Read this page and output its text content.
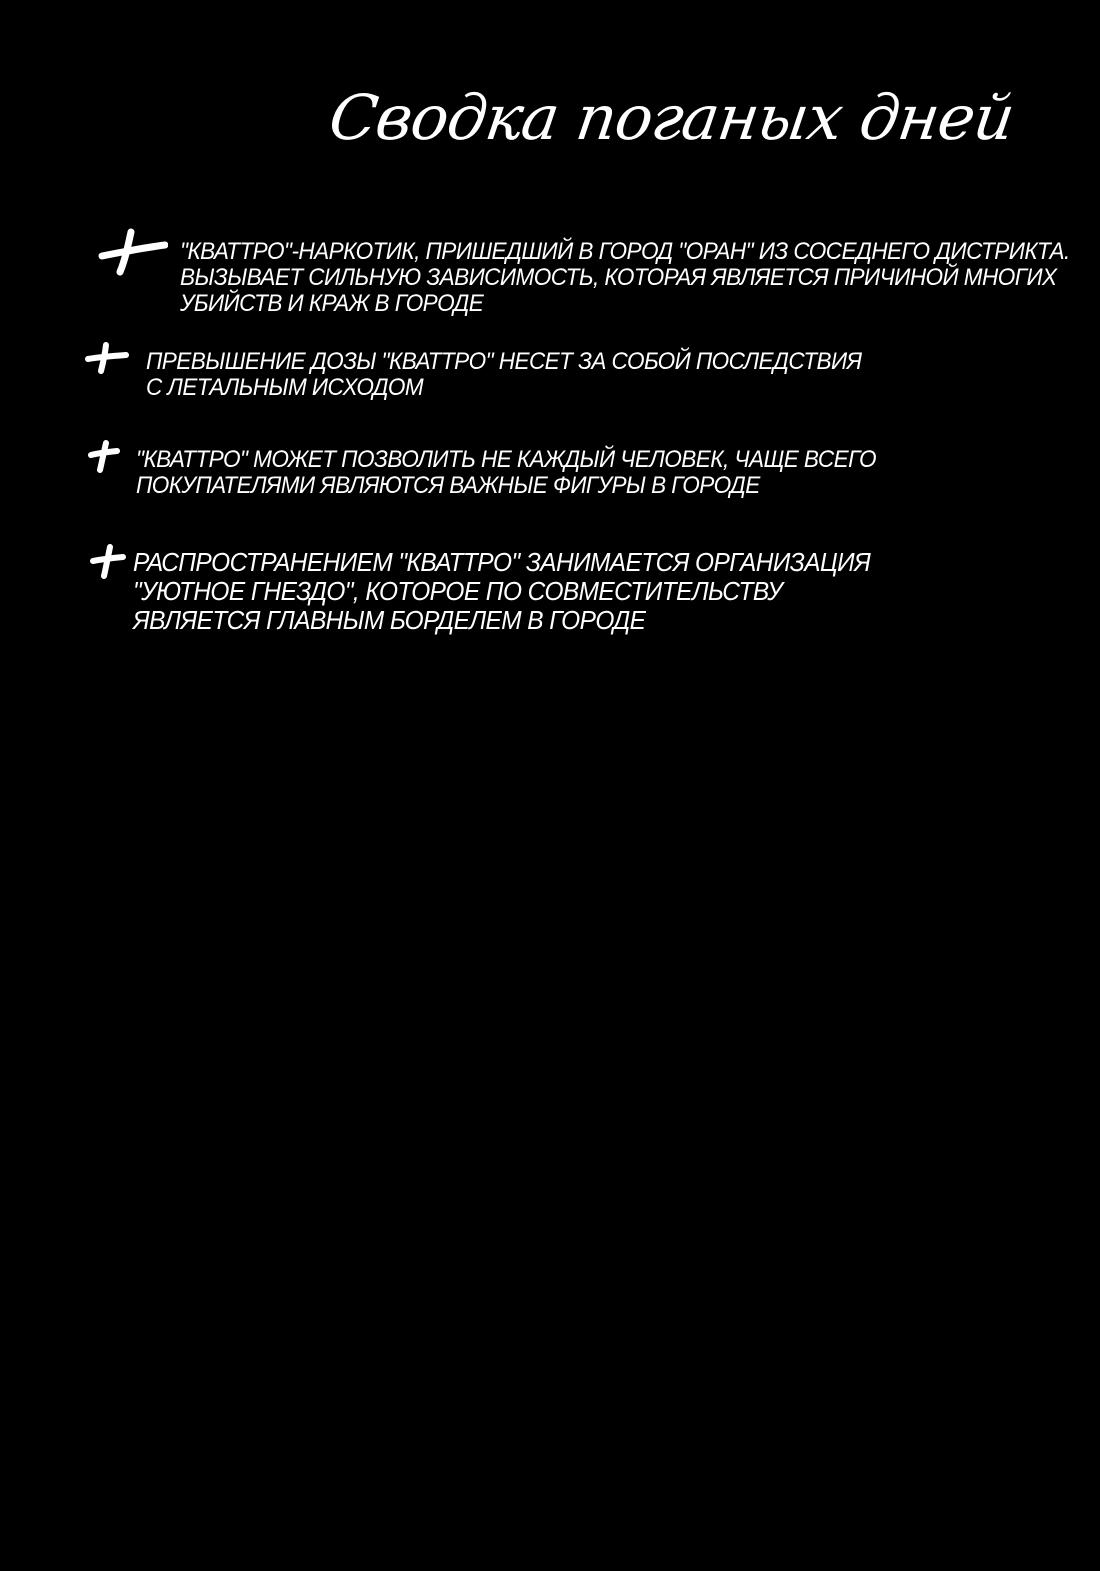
Сводка поганых дней
"КВАТТРО"-НАРКОТИК, ПРИШЕДШИЙ В ГОРОД "ОРАН" ИЗ СОСЕДНЕГО ДИСТРИКТА.
ВЫЗЫВАЕТ СИЛЬНУЮ ЗАВИСИМОСТЬ, КОТОРАЯ ЯВЛЯЕТСЯ ПРИЧИНОЙ МНОГИХ
УБИЙСТВ И КРАЖ В ГОРОДЕ
ПРЕВЫШЕНИЕ ДОЗЫ "КВАТТРО" НЕСЕТ ЗА СОБОЙ ПОСЛЕДСТВИЯ
С ЛЕТАЛЬНЫМ ИСХОДОМ
"КВАТТРО" МОЖЕТ ПОЗВОЛИТЬ НЕ КАЖДЫЙ ЧЕЛОВЕК, ЧАЩЕ ВСЕГО
ПОКУПАТЕЛЯМИ ЯВЛЯЮТСЯ ВАЖНЫЕ ФИГУРЫ В ГОРОДЕ
РАСПРОСТРАНЕНИЕМ "КВАТТРО" ЗАНИМАЕТСЯ ОРГАНИЗАЦИЯ
"УЮТНОЕ ГНЕЗДО", КОТОРОЕ ПО СОВМЕСТИТЕЛЬСТВУ
ЯВЛЯЕТСЯ ГЛАВНЫМ БОРДЕЛЕМ В ГОРОДЕ
